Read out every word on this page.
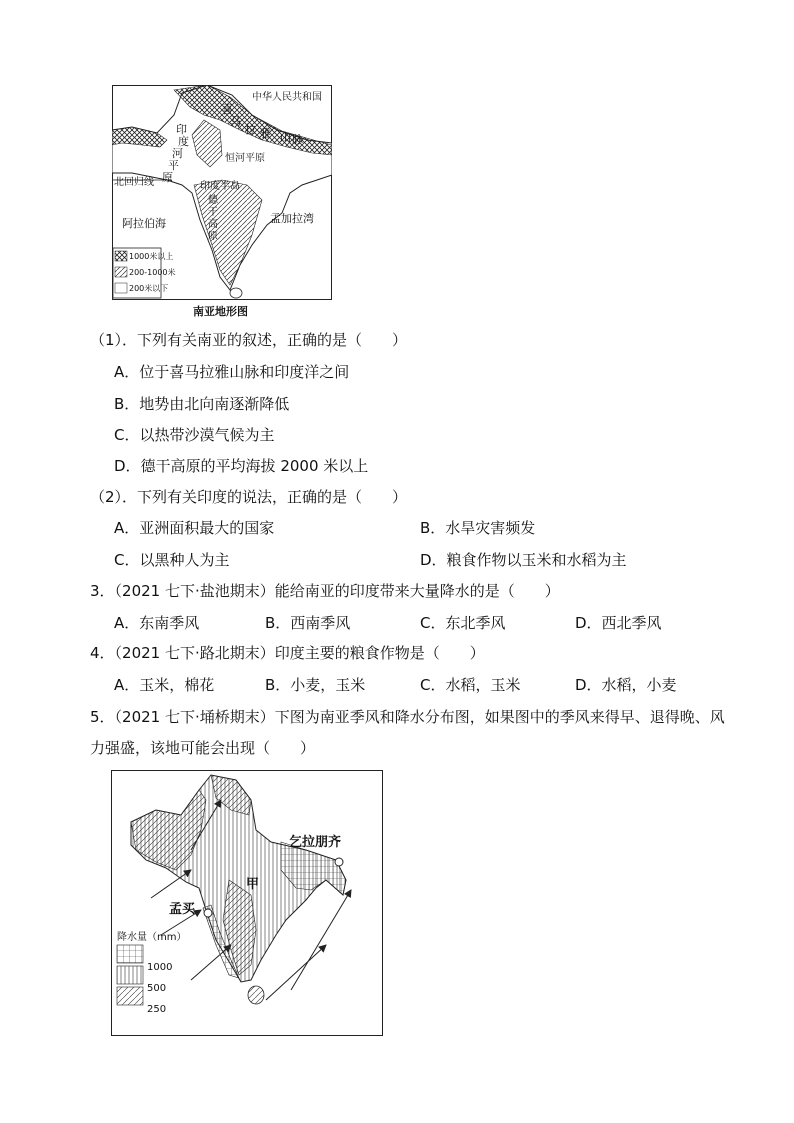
中华人民共和国
喜
马
拉 雅 山 脉
印
度
河
平
原
恒河平原
北回归线	印度半岛
德
干
高
原
阿拉伯海	孟加拉湾
1000米以上
200-1000米
200米以下
南亚地形图
（1）．下列有关南亚的叙述，正确的是（　　）
A．位于喜马拉雅山脉和印度洋之间
B．地势由北向南逐渐降低
C．以热带沙漠气候为主
D．德干高原的平均海拔 2000 米以上
（2）．下列有关印度的说法，正确的是（　　）
A．亚洲面积最大的国家	B．水旱灾害频发
C．以黑种人为主	D．粮食作物以玉米和水稻为主
3．（2021 七下·盐池期末）能给南亚的印度带来大量降水的是（　　）
A．东南季风	B．西南季风	C．东北季风	D．西北季风
4．（2021 七下·路北期末）印度主要的粮食作物是（　　）
A．玉米，棉花	B．小麦，玉米	C．水稻，玉米	D．水稻，小麦
5．（2021 七下·埇桥期末）下图为南亚季风和降水分布图，如果图中的季风来得早、退得晚、风
力强盛，该地可能会出现（　　）
乞拉朋齐
甲
孟买
降水量（mm）
1000
500
250
